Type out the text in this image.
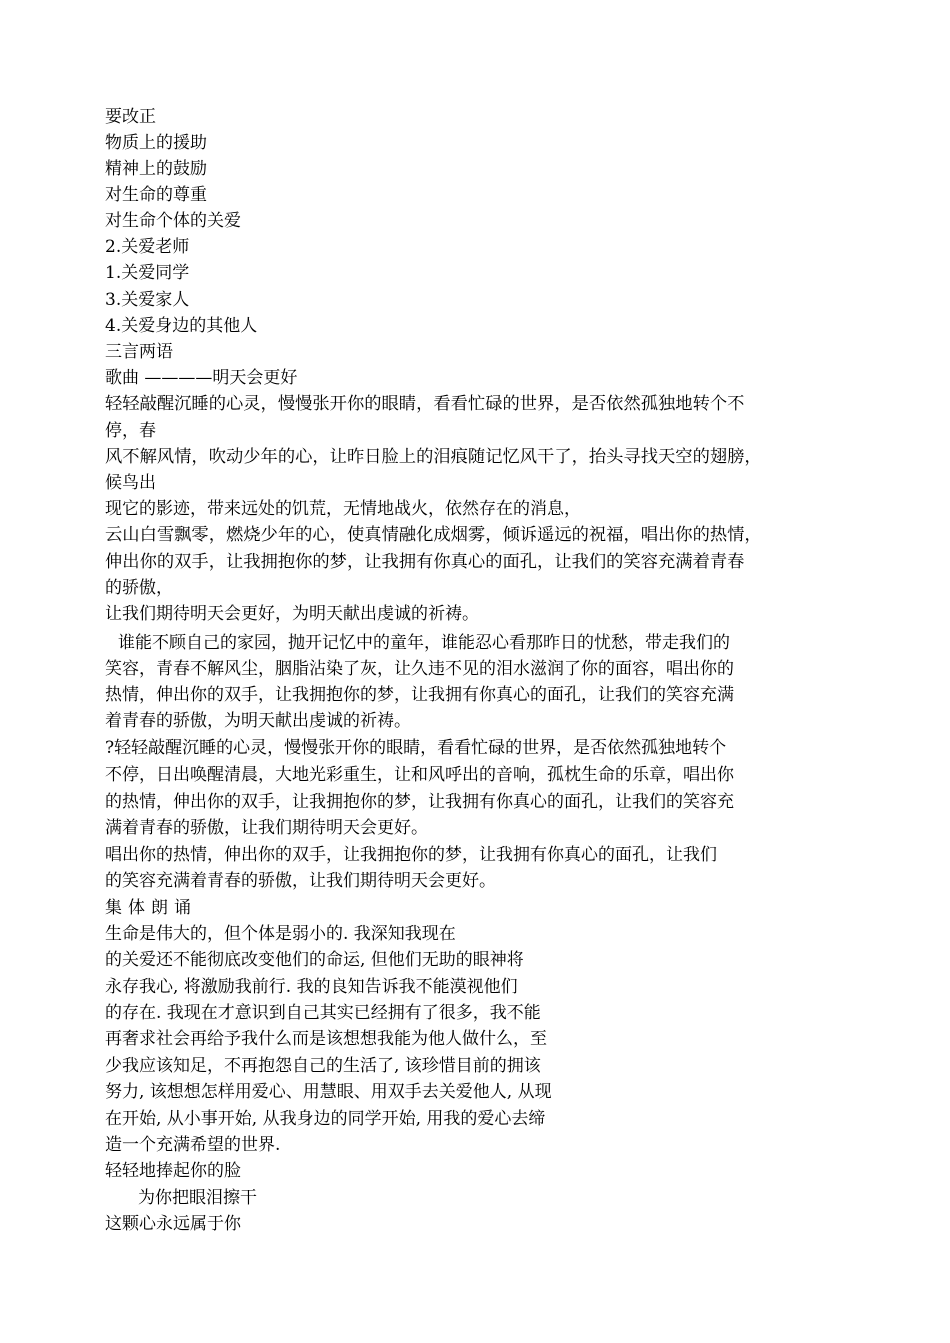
要改正

物质上的援助

精神上的鼓励

对生命的尊重

对生命个体的关爱

2.关爱老师

1.关爱同学

3.关爱家人

4.关爱身边的其他人

三言两语

歌曲 ————明天会更好

轻轻敲醒沉睡的心灵，慢慢张开你的眼睛，看看忙碌的世界，是否依然孤独地转个不

停，春

风不解风情，吹动少年的心，让昨日脸上的泪痕随记忆风干了，抬头寻找天空的翅膀，

候鸟出

现它的影迹，带来远处的饥荒，无情地战火，依然存在的消息，

云山白雪飘零，燃烧少年的心，使真情融化成烟雾，倾诉遥远的祝福，唱出你的热情，

伸出你的双手，让我拥抱你的梦，让我拥有你真心的面孔，让我们的笑容充满着青春

的骄傲，

让我们期待明天会更好，为明天献出虔诚的祈祷。

谁能不顾自己的家园，抛开记忆中的童年，谁能忍心看那昨日的忧愁，带走我们的

笑容，青春不解风尘，胭脂沾染了灰，让久违不见的泪水滋润了你的面容，唱出你的

热情，伸出你的双手，让我拥抱你的梦，让我拥有你真心的面孔，让我们的笑容充满

着青春的骄傲，为明天献出虔诚的祈祷。

?轻轻敲醒沉睡的心灵，慢慢张开你的眼睛，看看忙碌的世界，是否依然孤独地转个

不停，日出唤醒清晨，大地光彩重生，让和风呼出的音响，孤枕生命的乐章，唱出你

的热情，伸出你的双手，让我拥抱你的梦，让我拥有你真心的面孔，让我们的笑容充

满着青春的骄傲，让我们期待明天会更好。

唱出你的热情，伸出你的双手，让我拥抱你的梦，让我拥有你真心的面孔，让我们

的笑容充满着青春的骄傲，让我们期待明天会更好。

集体朗诵

生命是伟大的，但个体是弱小的. 我深知我现在

的关爱还不能彻底改变他们的命运, 但他们无助的眼神将

永存我心, 将激励我前行. 我的良知告诉我不能漠视他们

的存在. 我现在才意识到自己其实已经拥有了很多，我不能

再奢求社会再给予我什么而是该想想我能为他人做什么，至

少我应该知足，不再抱怨自己的生活了, 该珍惜目前的拥该

努力, 该想想怎样用爱心、用慧眼、用双手去关爱他人, 从现

在开始, 从小事开始, 从我身边的同学开始, 用我的爱心去缔

造一个充满希望的世界.

轻轻地捧起你的脸

为你把眼泪擦干

这颗心永远属于你
